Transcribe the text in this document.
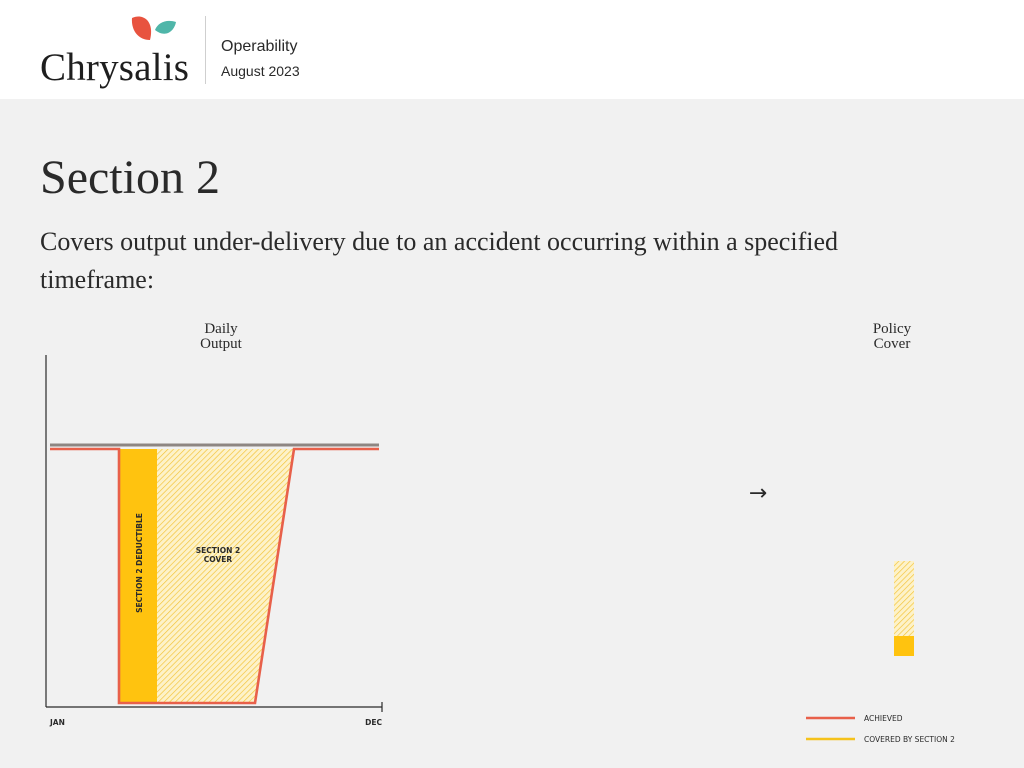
Chrysalis Operability
August 2023
Section 2
Covers output under-delivery due to an accident occurring within a specified timeframe:
Daily
Output
SECTION 2 DEDUCTIBLE	SECTION 2
COVER
JAN	DEC
→
Policy
Cover
ACHIEVED
COVERED BY SECTION 2
